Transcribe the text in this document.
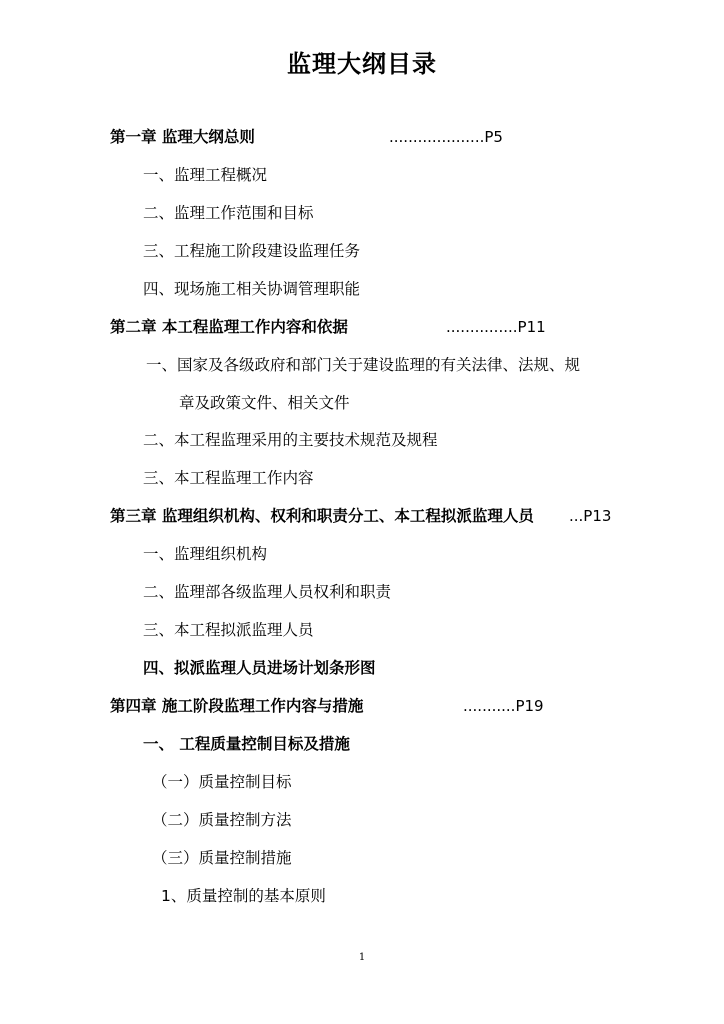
监理大纲目录
第一章 监理大纲总则	....................P5
一、监理工程概况
二、监理工作范围和目标
三、工程施工阶段建设监理任务
四、现场施工相关协调管理职能
第二章 本工程监理工作内容和依据	...............P11
一、国家及各级政府和部门关于建设监理的有关法律、法规、规
章及政策文件、相关文件
二、本工程监理采用的主要技术规范及规程
三、本工程监理工作内容
第三章 监理组织机构、权利和职责分工、本工程拟派监理人员 ...P13
一、监理组织机构
二、监理部各级监理人员权利和职责
三、本工程拟派监理人员
四、拟派监理人员进场计划条形图
第四章 施工阶段监理工作内容与措施	...........P19
一、 工程质量控制目标及措施
（一）质量控制目标
（二）质量控制方法
（三）质量控制措施
1、质量控制的基本原则
1
